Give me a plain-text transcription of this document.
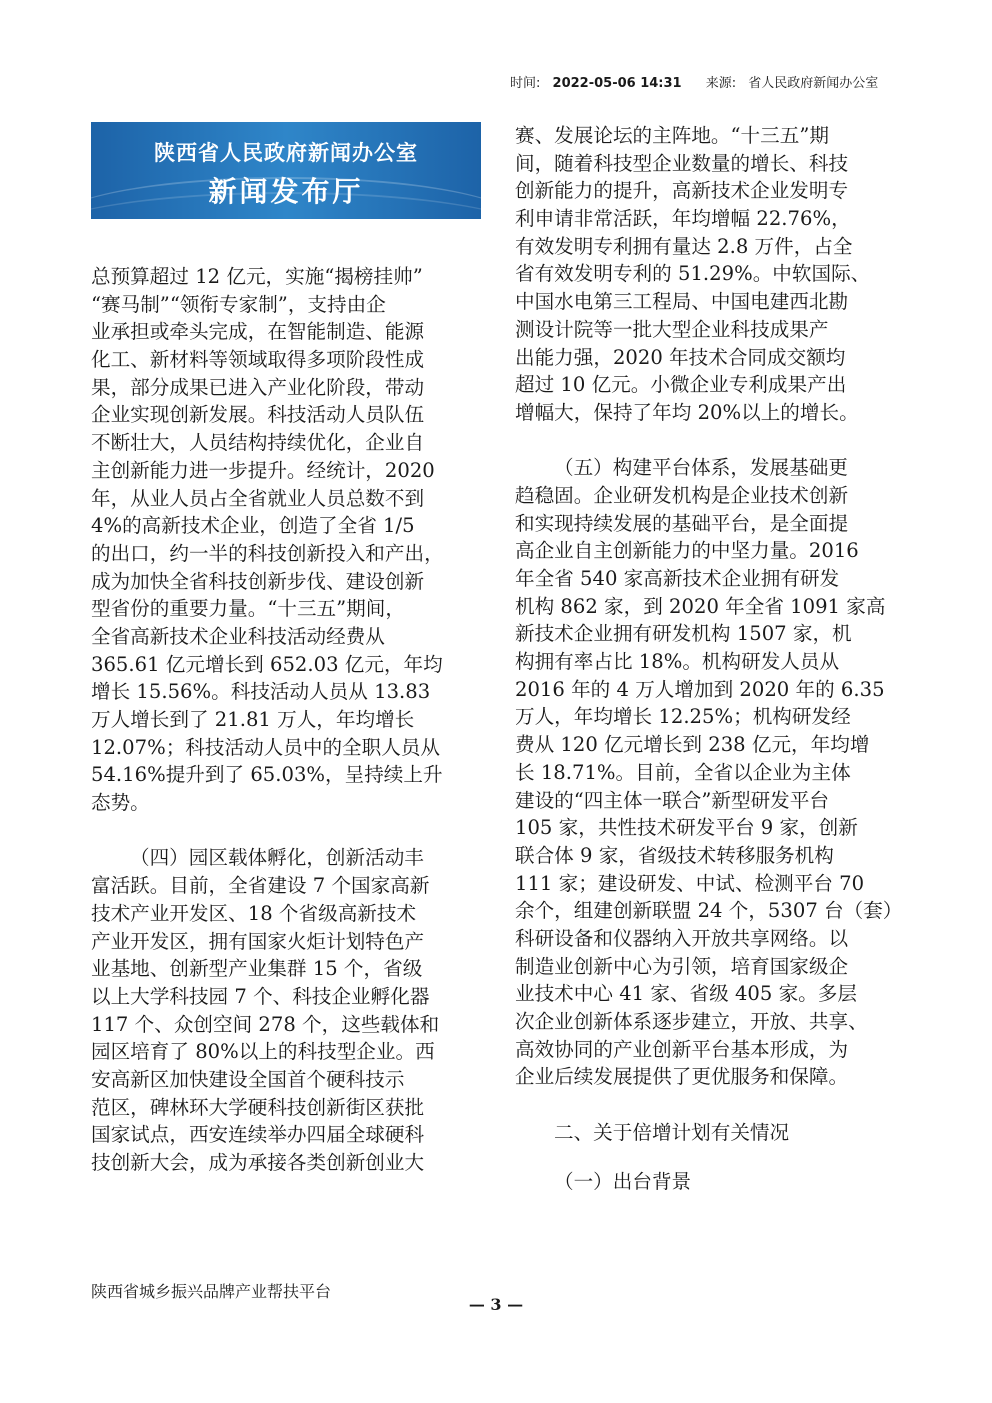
时间: 2022-05-06 14:31 来源: 省人民政府新闻办公室
陕西省人民政府新闻办公室
新闻发布厅
总预算超过 12 亿元，实施“揭榜挂帅”
“赛马制”“领衔专家制”，支持由企
业承担或牵头完成，在智能制造、能源
化工、新材料等领域取得多项阶段性成
果，部分成果已进入产业化阶段，带动
企业实现创新发展。科技活动人员队伍
不断壮大，人员结构持续优化，企业自
主创新能力进一步提升。经统计，2020
年，从业人员占全省就业人员总数不到
4%的高新技术企业，创造了全省 1/5
的出口，约一半的科技创新投入和产出，
成为加快全省科技创新步伐、建设创新
型省份的重要力量。“十三五”期间，
全省高新技术企业科技活动经费从
365.61 亿元增长到 652.03 亿元，年均
增长 15.56%。科技活动人员从 13.83
万人增长到了 21.81 万人，年均增长
12.07%；科技活动人员中的全职人员从
54.16%提升到了 65.03%，呈持续上升
态势。
（四）园区载体孵化，创新活动丰
富活跃。目前，全省建设 7 个国家高新
技术产业开发区、18 个省级高新技术
产业开发区，拥有国家火炬计划特色产
业基地、创新型产业集群 15 个，省级
以上大学科技园 7 个、科技企业孵化器
117 个、众创空间 278 个，这些载体和
园区培育了 80%以上的科技型企业。西
安高新区加快建设全国首个硬科技示
范区，碑林环大学硬科技创新街区获批
国家试点，西安连续举办四届全球硬科
技创新大会，成为承接各类创新创业大
赛、发展论坛的主阵地。“十三五”期
间，随着科技型企业数量的增长、科技
创新能力的提升，高新技术企业发明专
利申请非常活跃，年均增幅 22.76%，
有效发明专利拥有量达 2.8 万件，占全
省有效发明专利的 51.29%。中软国际、
中国水电第三工程局、中国电建西北勘
测设计院等一批大型企业科技成果产
出能力强，2020 年技术合同成交额均
超过 10 亿元。小微企业专利成果产出
增幅大，保持了年均 20%以上的增长。
（五）构建平台体系，发展基础更
趋稳固。企业研发机构是企业技术创新
和实现持续发展的基础平台，是全面提
高企业自主创新能力的中坚力量。2016
年全省 540 家高新技术企业拥有研发
机构 862 家，到 2020 年全省 1091 家高
新技术企业拥有研发机构 1507 家，机
构拥有率占比 18%。机构研发人员从
2016 年的 4 万人增加到 2020 年的 6.35
万人，年均增长 12.25%；机构研发经
费从 120 亿元增长到 238 亿元，年均增
长 18.71%。目前，全省以企业为主体
建设的“四主体一联合”新型研发平台
105 家，共性技术研发平台 9 家，创新
联合体 9 家，省级技术转移服务机构
111 家；建设研发、中试、检测平台 70
余个，组建创新联盟 24 个，5307 台（套）
科研设备和仪器纳入开放共享网络。以
制造业创新中心为引领，培育国家级企
业技术中心 41 家、省级 405 家。多层
次企业创新体系逐步建立，开放、共享、
高效协同的产业创新平台基本形成，为
企业后续发展提供了更优服务和保障。
二、关于倍增计划有关情况
（一）出台背景
陕西省城乡振兴品牌产业帮扶平台
— 3 —
